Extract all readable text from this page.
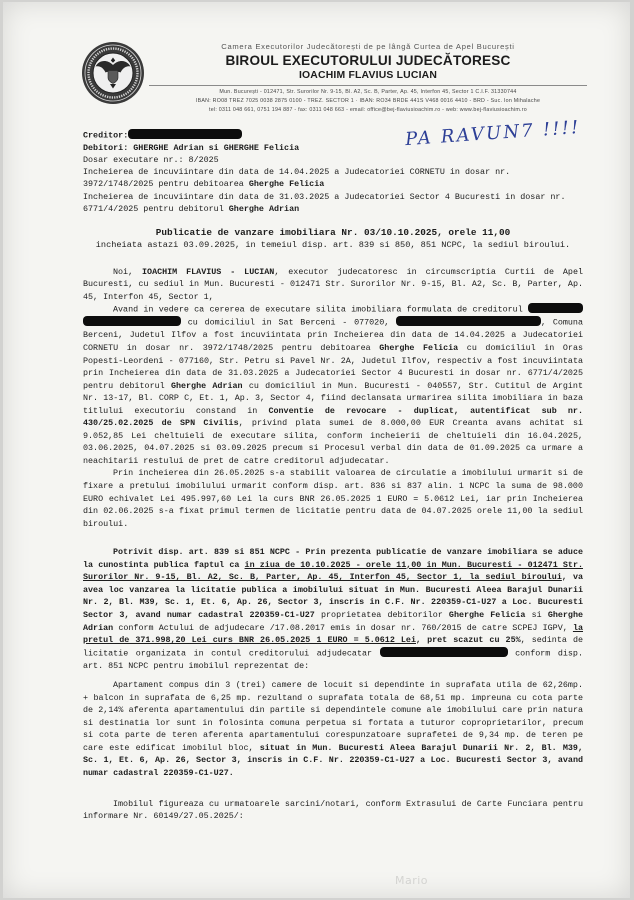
Camera Executorilor Judecătorești de pe lângă Curtea de Apel București
BIROUL EXECUTORULUI JUDECĂTORESC
IOACHIM FLAVIUS LUCIAN
Mun. București - 012471, Str. Surorilor Nr. 9-15, Bl. A2, Sc. B, Parter, Ap. 45, Interfon 45, Sector 1 C.I.F. 31330744
IBAN: RO08 TREZ 7025 0038 2875 0100 - TREZ. SECTOR 1 · IBAN: RO34 BRDE 441S V468 0016 4410 - BRD - Suc. Ion Mihalache
tel: 0311 048 661, 0751 194 887 - fax: 0311 048 663 - email: office@bej-flaviusioachim.ro - web: www.bej-flaviusioachim.ro
PA RAVUN7 !!!!
Creditor:
Debitori: GHERGHE Adrian si GHERGHE Felicia
Dosar executare nr.: 8/2025
Incheierea de incuviintare din data de 14.04.2025 a Judecatoriei CORNETU in dosar nr. 3972/1748/2025 pentru debitoarea Gherghe Felicia
Incheierea de incuviintare din data de 31.03.2025 a Judecatoriei Sector 4 Bucuresti in dosar nr. 6771/4/2025 pentru debitorul Gherghe Adrian
Publicatie de vanzare imobiliara Nr. 03/10.10.2025, orele 11,00
incheiata astazi 03.09.2025, in temeiul disp. art. 839 si 850, 851 NCPC, la sediul biroului.

Noi, IOACHIM FLAVIUS - LUCIAN, executor judecatoresc in circumscriptia Curtii de Apel Bucuresti, cu sediul in Mun. Bucuresti - 012471 Str. Surorilor Nr. 9-15, Bl. A2, Sc. B, Parter, Ap. 45, Interfon 45, Sector 1,

Avand in vedere ca cererea de executare silita imobiliara formulata de creditorul   cu domiciliul in Sat Berceni - 077020,	, Comuna Berceni, Judetul Ilfov a fost incuviintata prin Incheierea din data de 14.04.2025 a Judecatoriei CORNETU in dosar nr. 3972/1748/2025 pentru debitoarea Gherghe Felicia cu domiciliul in Oras Popesti-Leordeni - 077160, Str. Petru si Pavel Nr. 2A, Judetul Ilfov, respectiv a fost incuviintata prin Incheierea din data de 31.03.2025 a Judecatoriei Sector 4 Bucuresti in dosar nr. 6771/4/2025 pentru debitorul Gherghe Adrian cu domiciliul in Mun. Bucuresti - 040557, Str. Cutitul de Argint Nr. 13-17, Bl. CORP C, Et. 1, Ap. 3, Sector 4, fiind declansata urmarirea silita imobiliara in baza titlului executoriu constand in Conventie de revocare - duplicat, autentificat sub nr. 430/25.02.2025 de SPN Civilis, privind plata sumei de 8.000,00 EUR Creanta avans achitat si 9.052,85 Lei cheltuieli de executare silita, conform incheierii de cheltuieli din 16.04.2025, 03.06.2025, 04.07.2025 si 03.09.2025 precum si Procesul verbal din data de 01.09.2025 ca urmare a neachitarii restului de pret de catre creditorul adjudecatar.

Prin incheierea din 26.05.2025 s-a stabilit valoarea de circulatie a imobilului urmarit si de fixare a pretului imobilului urmarit conform disp. art. 836 si 837 alin. 1 NCPC la suma de 98.000 EURO echivalet Lei 495.997,60 Lei la curs BNR 26.05.2025 1 EURO = 5.0612 Lei, iar prin Incheierea din 02.06.2025 s-a fixat primul termen de licitatie pentru data de 04.07.2025 orele 11,00 la sediul biroului.

Potrivit disp. art. 839 si 851 NCPC - Prin prezenta publicatie de vanzare imobiliara se aduce la cunostinta publica faptul ca in ziua de 10.10.2025 - orele 11,00 in Mun. Bucuresti - 012471 Str. Surorilor Nr. 9-15, Bl. A2, Sc. B, Parter, Ap. 45, Interfon 45, Sector 1, la sediul biroului, va avea loc vanzarea la licitatie publica a imobilului situat in Mun. Bucuresti Aleea Barajul Dunarii Nr. 2, Bl. M39, Sc. 1, Et. 6, Ap. 26, Sector 3, inscris in C.F. Nr. 220359-C1-U27 a Loc. Bucuresti Sector 3, avand numar cadastral 220359-C1-U27 proprietatea debitorilor Gherghe Felicia si Gherghe Adrian conform Actului de adjudecare /17.08.2017 emis in dosar nr. 760/2015 de catre SCPEJ IGPV, la pretul de 371.998,20 Lei curs BNR 26.05.2025 1 EURO = 5.0612 Lei, pret scazut cu 25%, sedinta de licitatie organizata in contul creditorului adjudecatar	conform disp. art. 851 NCPC pentru imobilul reprezentat de:

Apartament compus din 3 (trei) camere de locuit si dependinte in suprafata utila de 62,26mp. + balcon in suprafata de 6,25 mp. rezultand o suprafata totala de 68,51 mp. impreuna cu cota parte de 2,14% aferenta apartamentului din partile si dependintele comune ale imobilului care prin natura si destinatia lor sunt in folosinta comuna perpetua si fortata a tuturor coproprietarilor, precum si cota parte de teren aferenta apartamentului corespunzatoare suprafetei de 9,34 mp. de teren pe care este edificat imobilul bloc, situat in Mun. Bucuresti Aleea Barajul Dunarii Nr. 2, Bl. M39, Sc. 1, Et. 6, Ap. 26, Sector 3, inscris in C.F. Nr. 220359-C1-U27 a Loc. Bucuresti Sector 3, avand numar cadastral 220359-C1-U27.

Imobilul figureaza cu urmatoarele sarcini/notari, conform Extrasului de Carte Funciara pentru informare Nr. 60149/27.05.2025/:

Mario
